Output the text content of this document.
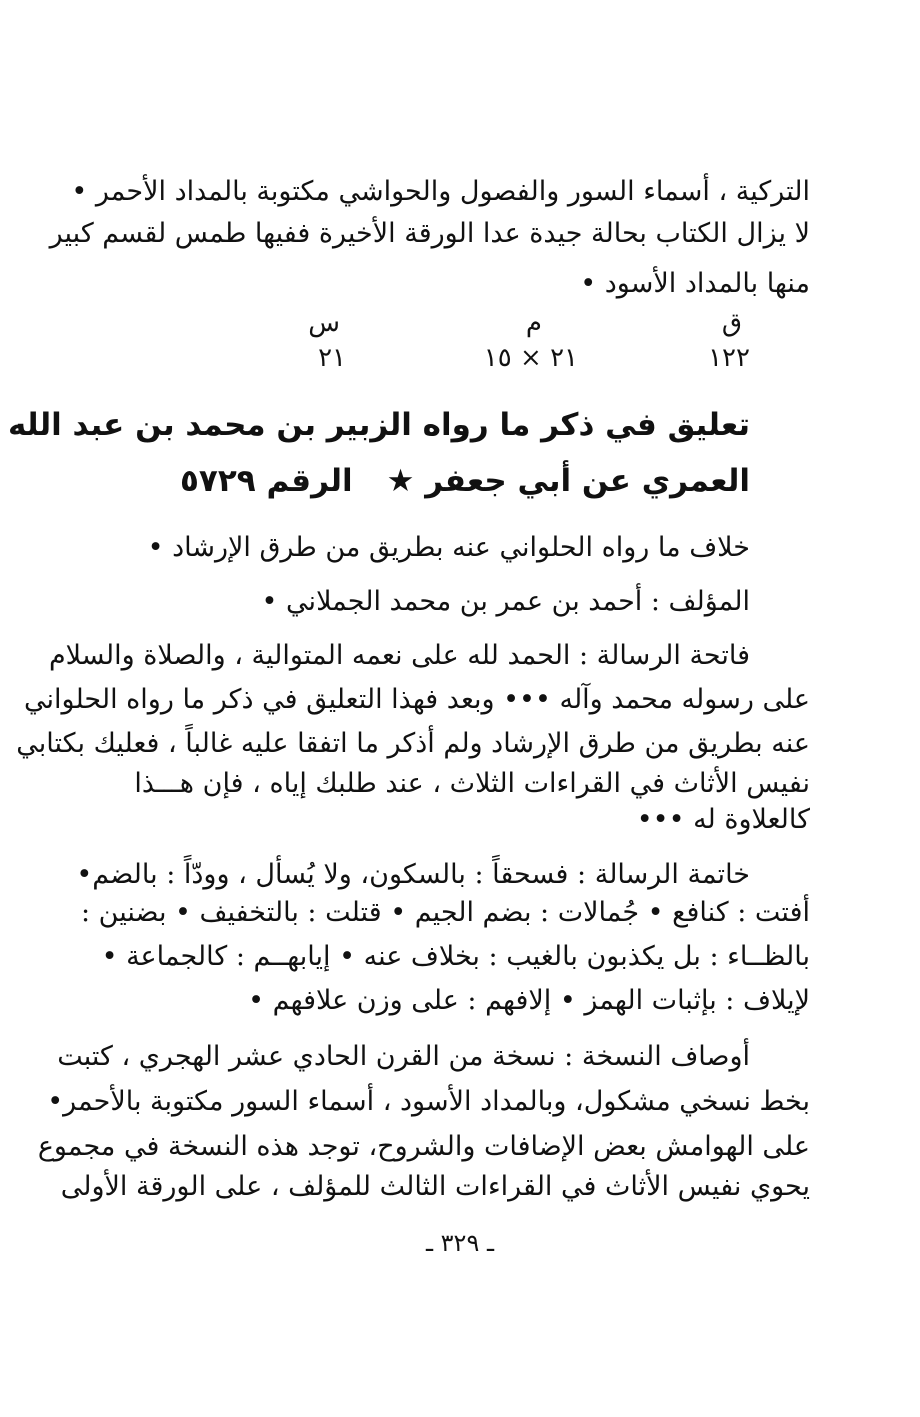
التركية ، أسماء السور والفصول والحواشي مكتوبة بالمداد الأحمر •
لا يزال الكتاب بحالة جيدة عدا الورقة الأخيرة ففيها طمس لقسم كبير
منها بالمداد الأسود •
ق
م
س
١٢٢
٢١ × ١٥
٢١
تعليق في ذكر ما رواه الزبير بن محمد بن عبد الله
العمري عن أبي جعفر ★
الرقم ٥٧٢٩
خلاف ما رواه الحلواني عنه بطريق من طرق الإرشاد •
المؤلف : أحمد بن عمر بن محمد الجملاني •
فاتحة الرسالة : الحمد لله على نعمه المتوالية ، والصلاة والسلام
على رسوله محمد وآله ••• وبعد فهذا التعليق في ذكر ما رواه الحلواني
عنه بطريق من طرق الإرشاد ولم أذكر ما اتفقا عليه غالباً ، فعليك بكتابي
نفيس الأثاث في القراءات الثلاث ، عند طلبك إياه ، فإن هـــذا
كالعلاوة له •••
خاتمة الرسالة : فسحقاً : بالسكون، ولا يُسأل ، وودّاً : بالضم•
أفتت : كنافع • جُمالات : بضم الجيم • قتلت : بالتخفيف • بضنين :
بالظــاء : بل يكذبون بالغيب : بخلاف عنه • إيابهــم : كالجماعة •
لإيلاف : بإثبات الهمز • إلافهم : على وزن علافهم •
أوصاف النسخة : نسخة من القرن الحادي عشر الهجري ، كتبت
بخط نسخي مشكول، وبالمداد الأسود ، أسماء السور مكتوبة بالأحمر•
على الهوامش بعض الإضافات والشروح، توجد هذه النسخة في مجموع
يحوي نفيس الأثاث في القراءات الثالث للمؤلف ، على الورقة الأولى
ـ ٣٢٩ ـ
